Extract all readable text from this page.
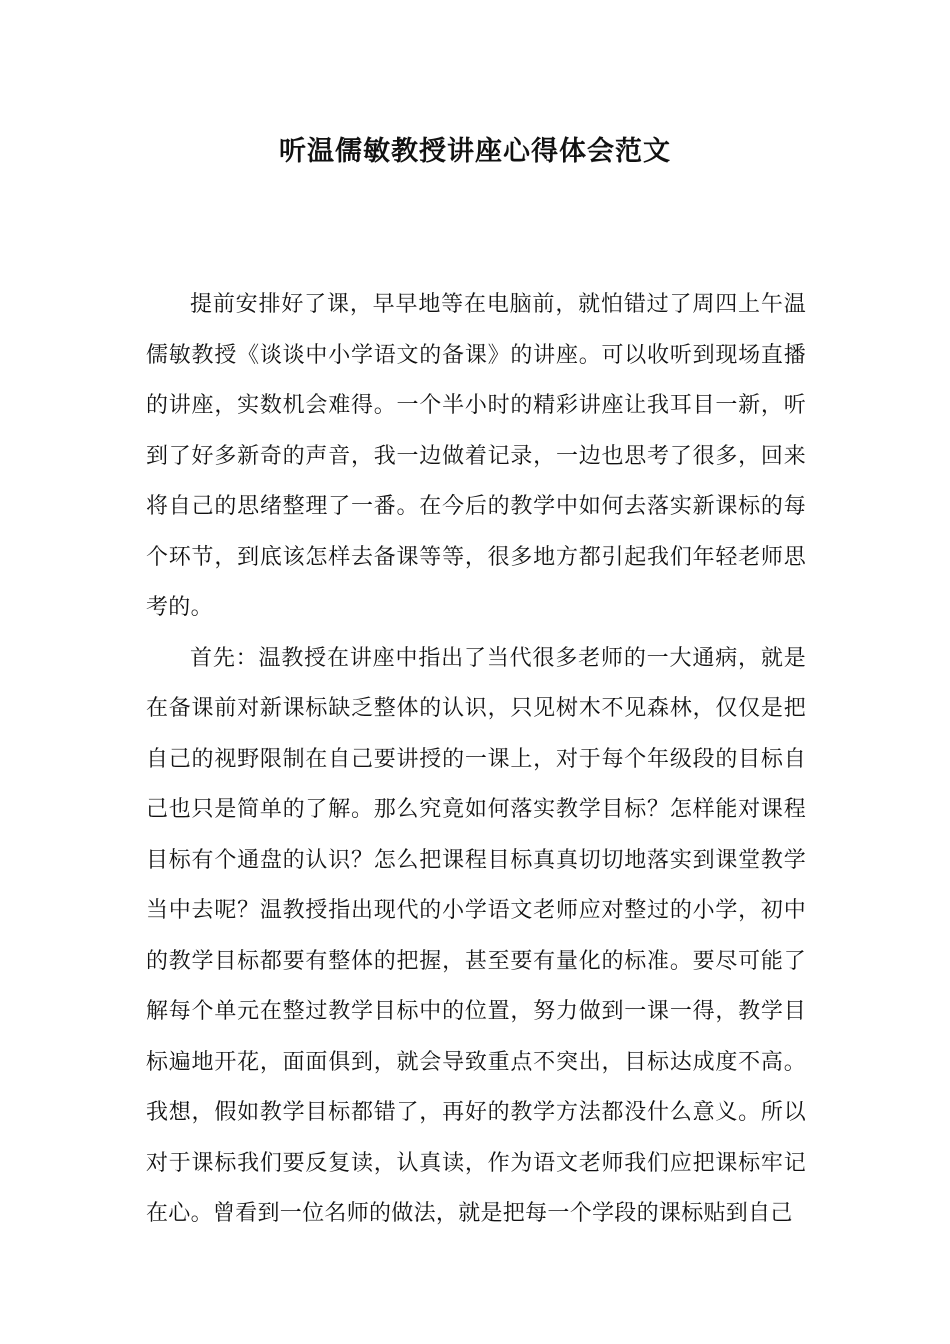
听温儒敏教授讲座心得体会范文

提前安排好了课，早早地等在电脑前，就怕错过了周四上午温儒敏教授《谈谈中小学语文的备课》的讲座。可以收听到现场直播的讲座，实数机会难得。一个半小时的精彩讲座让我耳目一新，听到了好多新奇的声音，我一边做着记录，一边也思考了很多，回来将自己的思绪整理了一番。在今后的教学中如何去落实新课标的每个环节，到底该怎样去备课等等，很多地方都引起我们年轻老师思考的。

首先：温教授在讲座中指出了当代很多老师的一大通病，就是在备课前对新课标缺乏整体的认识，只见树木不见森林，仅仅是把自己的视野限制在自己要讲授的一课上，对于每个年级段的目标自己也只是简单的了解。那么究竟如何落实教学目标？怎样能对课程目标有个通盘的认识？怎么把课程目标真真切切地落实到课堂教学当中去呢？温教授指出现代的小学语文老师应对整过的小学，初中的教学目标都要有整体的把握，甚至要有量化的标准。要尽可能了解每个单元在整过教学目标中的位置，努力做到一课一得，教学目标遍地开花，面面俱到，就会导致重点不突出，目标达成度不高。我想，假如教学目标都错了，再好的教学方法都没什么意义。所以对于课标我们要反复读，认真读，作为语文老师我们应把课标牢记在心。曾看到一位名师的做法，就是把每一个学段的课标贴到自己
